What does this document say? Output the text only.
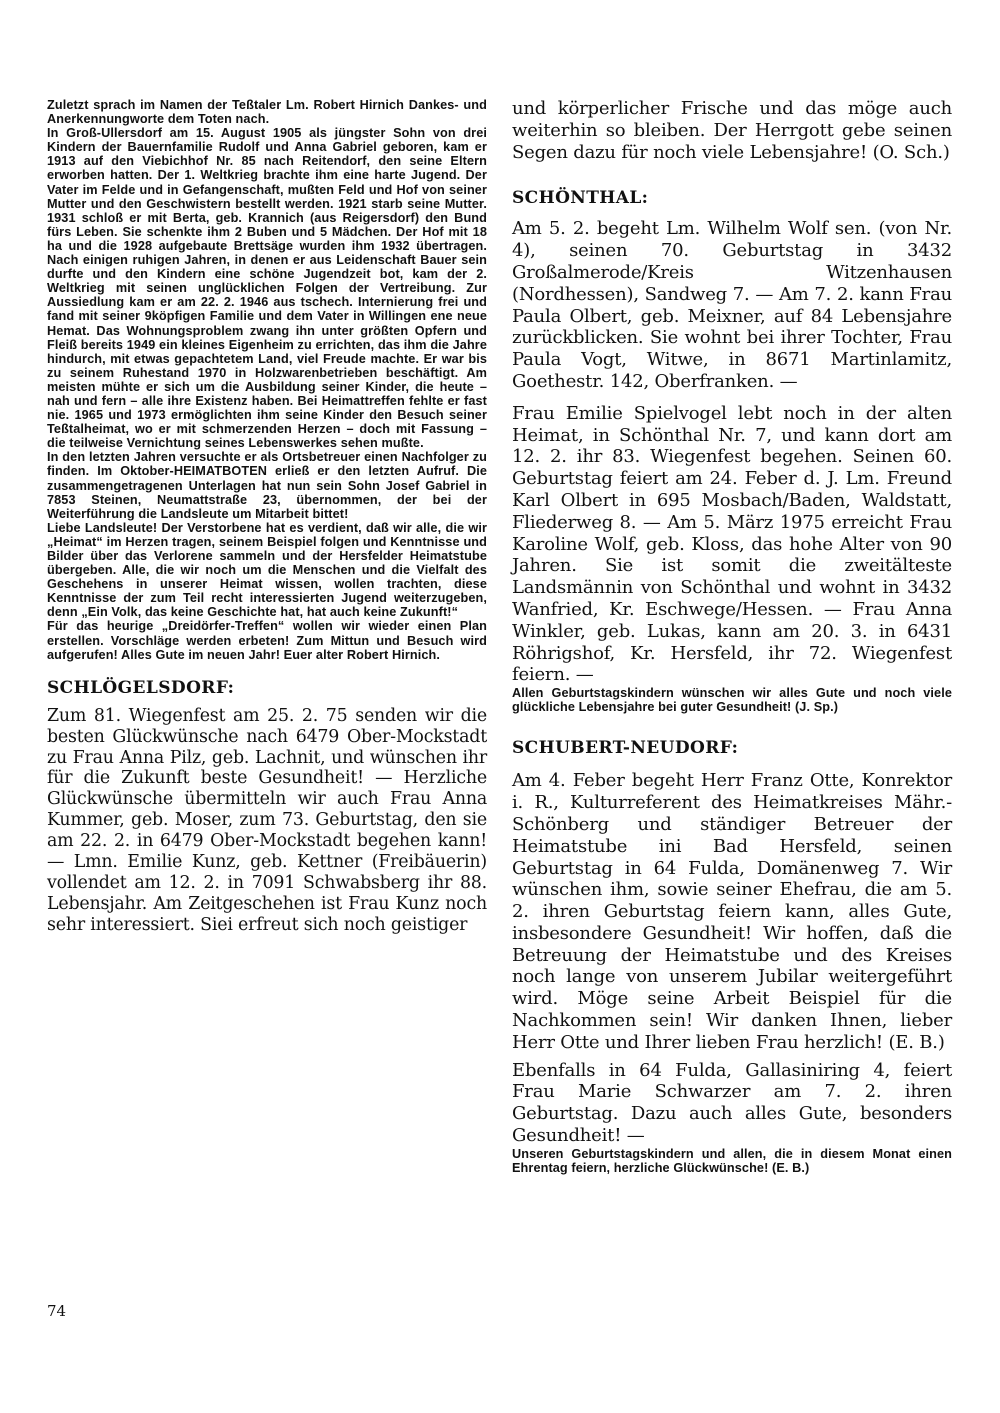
Zuletzt sprach im Namen der Teßtaler Lm. Robert Hirnich Dankes- und Anerkennungworte dem Toten nach.

In Groß-Ullersdorf am 15. August 1905 als jüngster Sohn von drei Kindern der Bauernfamilie Rudolf und Anna Gabriel geboren, kam er 1913 auf den Viebichhof Nr. 85 nach Reitendorf, den seine Eltern erworben hatten. Der 1. Weltkrieg brachte ihm eine harte Jugend. Der Vater im Felde und in Gefangenschaft, mußten Feld und Hof von seiner Mutter und den Geschwistern bestellt werden. 1921 starb seine Mutter. 1931 schloß er mit Berta, geb. Krannich (aus Reigersdorf) den Bund fürs Leben. Sie schenkte ihm 2 Buben und 5 Mädchen. Der Hof mit 18 ha und die 1928 aufgebaute Brettsäge wurden ihm 1932 übertragen. Nach einigen ruhigen Jahren, in denen er aus Leidenschaft Bauer sein durfte und den Kindern eine schöne Jugendzeit bot, kam der 2. Weltkrieg mit seinen unglücklichen Folgen der Vertreibung. Zur Aussiedlung kam er am 22. 2. 1946 aus tschech. Internierung frei und fand mit seiner 9köpfigen Familie und dem Vater in Willingen ene neue Hemat. Das Wohnungsproblem zwang ihn unter größten Opfern und Fleiß bereits 1949 ein kleines Eigenheim zu errichten, das ihm die Jahre hindurch, mit etwas gepachtetem Land, viel Freude machte. Er war bis zu seinem Ruhestand 1970 in Holzwarenbetrieben beschäftigt. Am meisten mühte er sich um die Ausbildung seiner Kinder, die heute – nah und fern – alle ihre Existenz haben. Bei Heimattreffen fehlte er fast nie. 1965 und 1973 ermöglichten ihm seine Kinder den Besuch seiner Teßtalheimat, wo er mit schmerzenden Herzen – doch mit Fassung – die teilweise Vernichtung seines Lebenswerkes sehen mußte.

In den letzten Jahren versuchte er als Ortsbetreuer einen Nachfolger zu finden. Im Oktober-HEIMATBOTEN erließ er den letzten Aufruf. Die zusammengetragenen Unterlagen hat nun sein Sohn Josef Gabriel in 7853 Steinen, Neumattstraße 23, übernommen, der bei der Weiterführung die Landsleute um Mitarbeit bittet!

Liebe Landsleute! Der Verstorbene hat es verdient, daß wir alle, die wir „Heimat“ im Herzen tragen, seinem Beispiel folgen und Kenntnisse und Bilder über das Verlorene sammeln und der Hersfelder Heimatstube übergeben. Alle, die wir noch um die Menschen und die Vielfalt des Geschehens in unserer Heimat wissen, wollen trachten, diese Kenntnisse der zum Teil recht interessierten Jugend weiterzugeben, denn „Ein Volk, das keine Geschichte hat, hat auch keine Zukunft!“

Für das heurige „Dreidörfer-Treffen“ wollen wir wieder einen Plan erstellen. Vorschläge werden erbeten! Zum Mittun und Besuch wird aufgerufen! Alles Gute im neuen Jahr! Euer alter Robert Hirnich.

SCHLÖGELSDORF:

Zum 81. Wiegenfest am 25. 2. 75 senden wir die besten Glückwünsche nach 6479 Ober-Mockstadt zu Frau Anna Pilz, geb. Lachnit, und wünschen ihr für die Zukunft beste Gesundheit! — Herzliche Glückwünsche übermitteln wir auch Frau Anna Kummer, geb. Moser, zum 73. Geburtstag, den sie am 22. 2. in 6479 Ober-Mockstadt begehen kann! — Lmn. Emilie Kunz, geb. Kettner (Freibäuerin) vollendet am 12. 2. in 7091 Schwabsberg ihr 88. Lebensjahr. Am Zeitgeschehen ist Frau Kunz noch sehr interessiert. Siei erfreut sich noch geistiger

und körperlicher Frische und das möge auch weiterhin so bleiben. Der Herrgott gebe seinen Segen dazu für noch viele Lebensjahre! (O. Sch.)

SCHÖNTHAL:

Am 5. 2. begeht Lm. Wilhelm Wolf sen. (von Nr. 4), seinen 70. Geburtstag in 3432 Großalmerode/Kreis Witzenhausen (Nordhessen), Sandweg 7. — Am 7. 2. kann Frau Paula Olbert, geb. Meixner, auf 84 Lebensjahre zurückblicken. Sie wohnt bei ihrer Tochter, Frau Paula Vogt, Witwe, in 8671 Martinlamitz, Goethestr. 142, Oberfranken. —

Frau Emilie Spielvogel lebt noch in der alten Heimat, in Schönthal Nr. 7, und kann dort am 12. 2. ihr 83. Wiegenfest begehen. Seinen 60. Geburtstag feiert am 24. Feber d. J. Lm. Freund Karl Olbert in 695 Mosbach/Baden, Waldstatt, Fliederweg 8. — Am 5. März 1975 erreicht Frau Karoline Wolf, geb. Kloss, das hohe Alter von 90 Jahren. Sie ist somit die zweitälteste Landsmännin von Schönthal und wohnt in 3432 Wanfried, Kr. Eschwege/Hessen. — Frau Anna Winkler, geb. Lukas, kann am 20. 3. in 6431 Röhrigshof, Kr. Hersfeld, ihr 72. Wiegenfest feiern. —

Allen Geburtstagskindern wünschen wir alles Gute und noch viele glückliche Lebensjahre bei guter Gesundheit! (J. Sp.)

SCHUBERT-NEUDORF:

Am 4. Feber begeht Herr Franz Otte, Konrektor i. R., Kulturreferent des Heimatkreises Mähr.-Schönberg und ständiger Betreuer der Heimatstube ini Bad Hersfeld, seinen Geburtstag in 64 Fulda, Domänenweg 7. Wir wünschen ihm, sowie seiner Ehefrau, die am 5. 2. ihren Geburtstag feiern kann, alles Gute, insbesondere Gesundheit! Wir hoffen, daß die Betreuung der Heimatstube und des Kreises noch lange von unserem Jubilar weitergeführt wird. Möge seine Arbeit Beispiel für die Nachkommen sein! Wir danken Ihnen, lieber Herr Otte und Ihrer lieben Frau herzlich! (E. B.)

Ebenfalls in 64 Fulda, Gallasiniring 4, feiert Frau Marie Schwarzer am 7. 2. ihren Geburtstag. Dazu auch alles Gute, besonders Gesundheit! —

Unseren Geburtstagskindern und allen, die in diesem Monat einen Ehrentag feiern, herzliche Glückwünsche! (E. B.)

74
